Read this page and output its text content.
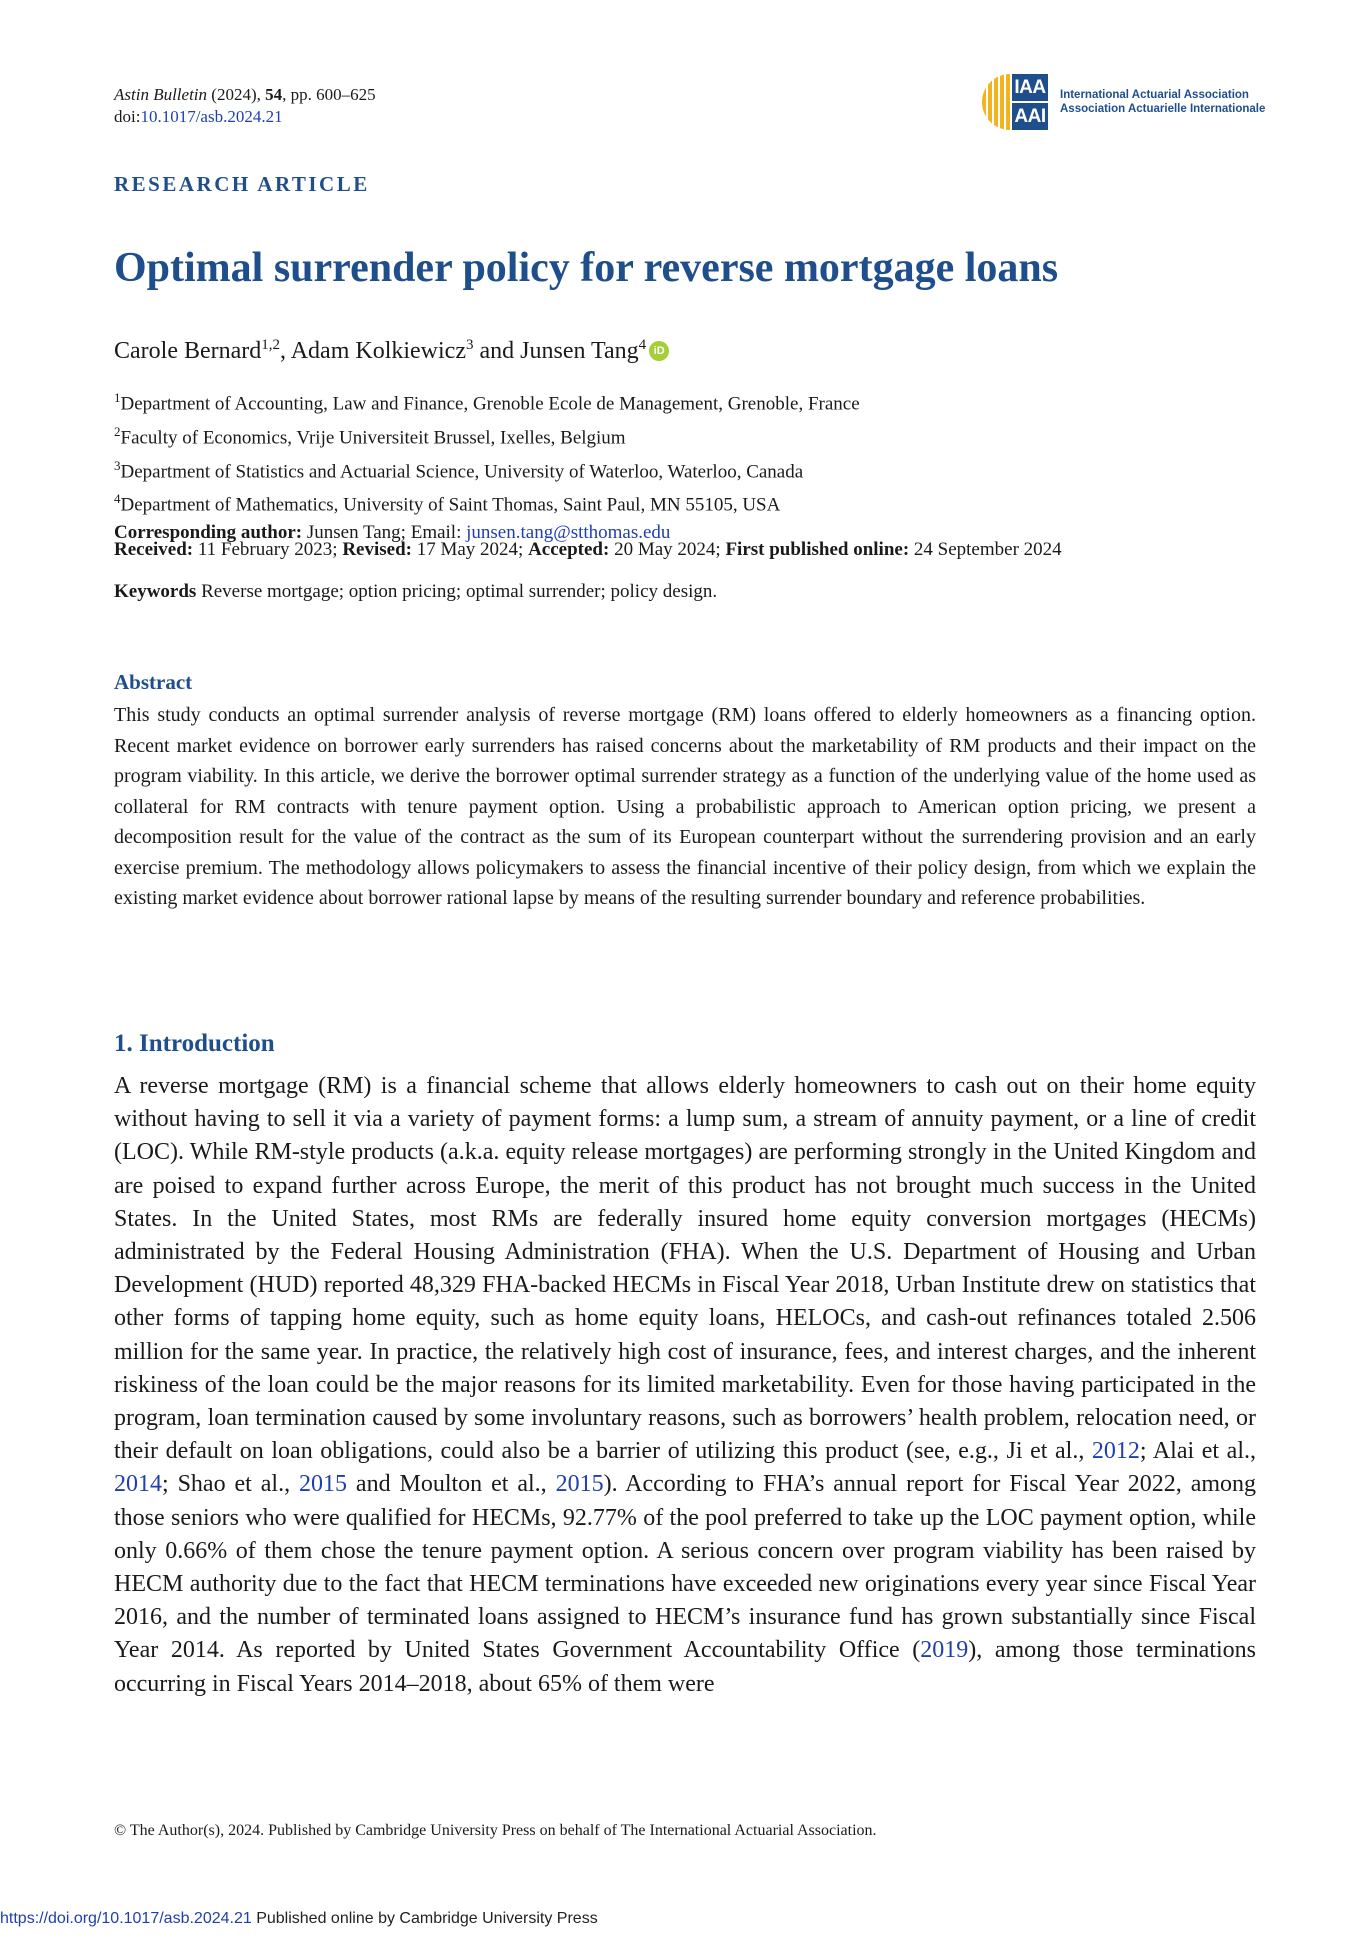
Astin Bulletin (2024), 54, pp. 600–625
doi:10.1017/asb.2024.21
IAA
AAI
International Actuarial Association
Association Actuarielle Internationale
RESEARCH ARTICLE
Optimal surrender policy for reverse mortgage loans
Carole Bernard$^{1,2}$, Adam Kolkiewicz$^3$ and Junsen Tang$^4$ iD
$^1$Department of Accounting, Law and Finance, Grenoble Ecole de Management, Grenoble, France
$^2$Faculty of Economics, Vrije Universiteit Brussel, Ixelles, Belgium
$^3$Department of Statistics and Actuarial Science, University of Waterloo, Waterloo, Canada
$^4$Department of Mathematics, University of Saint Thomas, Saint Paul, MN 55105, USA
Corresponding author: Junsen Tang; Email: junsen.tang@stthomas.edu
Received: 11 February 2023; Revised: 17 May 2024; Accepted: 20 May 2024; First published online: 24 September 2024
Keywords Reverse mortgage; option pricing; optimal surrender; policy design.
Abstract

This study conducts an optimal surrender analysis of reverse mortgage (RM) loans offered to elderly homeowners as a financing option. Recent market evidence on borrower early surrenders has raised concerns about the marketability of RM products and their impact on the program viability. In this article, we derive the borrower optimal surrender strategy as a function of the underlying value of the home used as collateral for RM contracts with tenure payment option. Using a probabilistic approach to American option pricing, we present a decomposition result for the value of the contract as the sum of its European counterpart without the surrendering provision and an early exercise premium. The methodology allows policymakers to assess the financial incentive of their policy design, from which we explain the existing market evidence about borrower rational lapse by means of the resulting surrender boundary and reference probabilities.

1. Introduction

A reverse mortgage (RM) is a financial scheme that allows elderly homeowners to cash out on their home equity without having to sell it via a variety of payment forms: a lump sum, a stream of annuity payment, or a line of credit (LOC). While RM-style products (a.k.a. equity release mortgages) are performing strongly in the United Kingdom and are poised to expand further across Europe, the merit of this product has not brought much success in the United States. In the United States, most RMs are federally insured home equity conversion mortgages (HECMs) administrated by the Federal Housing Administration (FHA). When the U.S. Department of Housing and Urban Development (HUD) reported 48,329 FHA-backed HECMs in Fiscal Year 2018, Urban Institute drew on statistics that other forms of tapping home equity, such as home equity loans, HELOCs, and cash-out refinances totaled 2.506 million for the same year. In practice, the relatively high cost of insurance, fees, and interest charges, and the inherent riskiness of the loan could be the major reasons for its limited marketability. Even for those having participated in the program, loan termination caused by some involuntary reasons, such as borrowers’ health problem, relocation need, or their default on loan obligations, could also be a barrier of utilizing this product (see, e.g., Ji et al., 2012; Alai et al., 2014; Shao et al., 2015 and Moulton et al., 2015). According to FHA’s annual report for Fiscal Year 2022, among those seniors who were qualified for HECMs, 92.77% of the pool preferred to take up the LOC payment option, while only 0.66% of them chose the tenure payment option. A serious concern over program viability has been raised by HECM authority due to the fact that HECM terminations have exceeded new originations every year since Fiscal Year 2016, and the number of terminated loans assigned to HECM’s insurance fund has grown substantially since Fiscal Year 2014. As reported by United States Government Accountability Office (2019), among those terminations occurring in Fiscal Years 2014–2018, about 65% of them were

© The Author(s), 2024. Published by Cambridge University Press on behalf of The International Actuarial Association.
https://doi.org/10.1017/asb.2024.21 Published online by Cambridge University Press
